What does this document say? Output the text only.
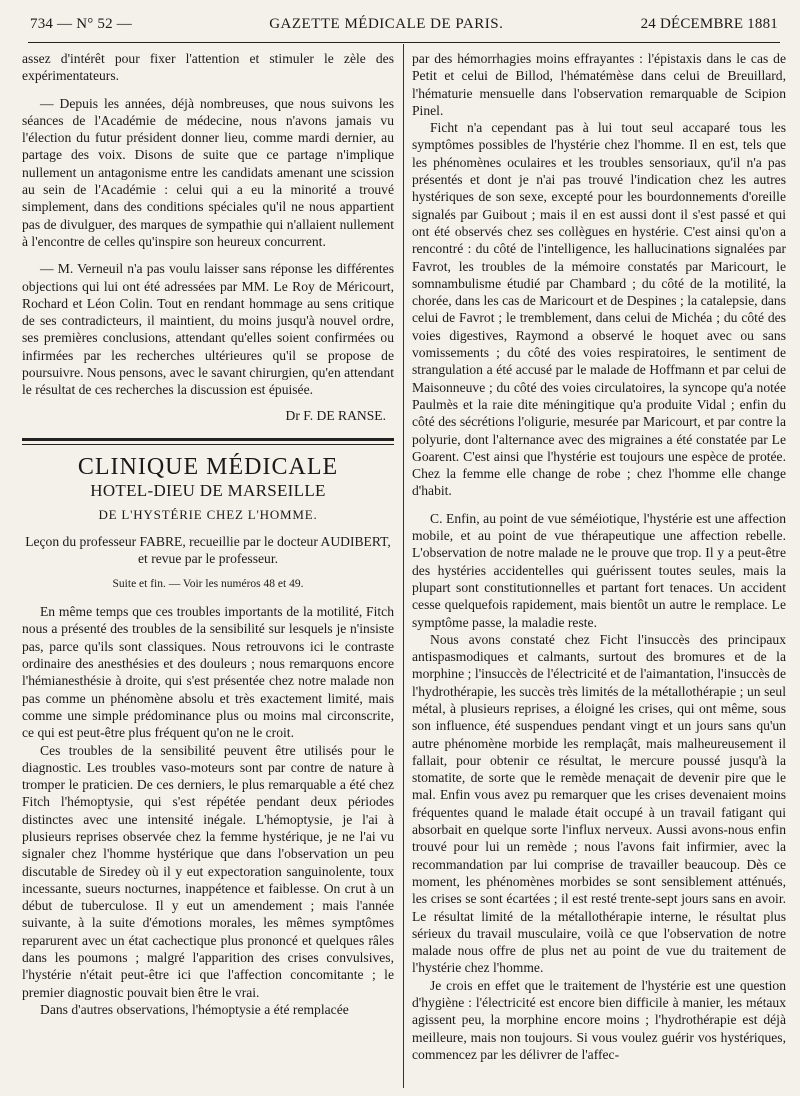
734 — N° 52 —	GAZETTE MÉDICALE DE PARIS.	24 DÉCEMBRE 1881

assez d'intérêt pour fixer l'attention et stimuler le zèle des expérimentateurs.

— Depuis les années, déjà nombreuses, que nous suivons les séances de l'Académie de médecine, nous n'avons jamais vu l'élection du futur président donner lieu, comme mardi dernier, au partage des voix. Disons de suite que ce partage n'implique nullement un antagonisme entre les candidats amenant une scission au sein de l'Académie : celui qui a eu la minorité a trouvé simplement, dans des conditions spéciales qu'il ne nous appartient pas de divulguer, des marques de sympathie qui n'allaient nullement à l'encontre de celles qu'inspire son heureux concurrent.

— M. Verneuil n'a pas voulu laisser sans réponse les différentes objections qui lui ont été adressées par MM. Le Roy de Méricourt, Rochard et Léon Colin. Tout en rendant hommage au sens critique de ses contradicteurs, il maintient, du moins jusqu'à nouvel ordre, ses premières conclusions, attendant qu'elles soient confirmées ou infirmées par les recherches ultérieures qu'il se propose de poursuivre. Nous pensons, avec le savant chirurgien, qu'en attendant le résultat de ces recherches la discussion est épuisée.

Dr F. DE RANSE.

CLINIQUE MÉDICALE
HOTEL-DIEU DE MARSEILLE
DE L'HYSTÉRIE CHEZ L'HOMME.
Leçon du professeur FABRE, recueillie par le docteur AUDIBERT, et revue par le professeur.
Suite et fin. — Voir les numéros 48 et 49.

En même temps que ces troubles importants de la motilité, Fitch nous a présenté des troubles de la sensibilité sur lesquels je n'insiste pas, parce qu'ils sont classiques. Nous retrouvons ici le contraste ordinaire des anesthésies et des douleurs ; nous remarquons encore l'hémianesthésie à droite, qui s'est présentée chez notre malade non pas comme un phénomène absolu et très exactement limité, mais comme une simple prédominance plus ou moins mal circonscrite, ce qui est peut-être plus fréquent qu'on ne le croit.

Ces troubles de la sensibilité peuvent être utilisés pour le diagnostic. Les troubles vaso-moteurs sont par contre de nature à tromper le praticien. De ces derniers, le plus remarquable a été chez Fitch l'hémoptysie, qui s'est répétée pendant deux périodes distinctes avec une intensité inégale. L'hémoptysie, je l'ai à plusieurs reprises observée chez la femme hystérique, je ne l'ai vu signaler chez l'homme hystérique que dans l'observation un peu discutable de Siredey où il y eut expectoration sanguinolente, toux incessante, sueurs nocturnes, inappétence et faiblesse. On crut à un début de tuberculose. Il y eut un amendement ; mais l'année suivante, à la suite d'émotions morales, les mêmes symptômes reparurent avec un état cachectique plus prononcé et quelques râles dans les poumons ; malgré l'apparition des crises convulsives, l'hystérie n'était peut-être ici que l'affection concomitante ; le premier diagnostic pouvait bien être le vrai.

Dans d'autres observations, l'hémoptysie a été remplacée

par des hémorrhagies moins effrayantes : l'épistaxis dans le cas de Petit et celui de Billod, l'hématémèse dans celui de Breuillard, l'hématurie mensuelle dans l'observation remarquable de Scipion Pinel.

Ficht n'a cependant pas à lui tout seul accaparé tous les symptômes possibles de l'hystérie chez l'homme. Il en est, tels que les phénomènes oculaires et les troubles sensoriaux, qu'il n'a pas présentés et dont je n'ai pas trouvé l'indication chez les autres hystériques de son sexe, excepté pour les bourdonnements d'oreille signalés par Guibout ; mais il en est aussi dont il s'est passé et qui ont été observés chez ses collègues en hystérie. C'est ainsi qu'on a rencontré : du côté de l'intelligence, les hallucinations signalées par Favrot, les troubles de la mémoire constatés par Maricourt, le somnambulisme étudié par Chambard ; du côté de la motilité, la chorée, dans les cas de Maricourt et de Despines ; la catalepsie, dans celui de Favrot ; le tremblement, dans celui de Michéa ; du côté des voies digestives, Raymond a observé le hoquet avec ou sans vomissements ; du côté des voies respiratoires, le sentiment de strangulation a été accusé par le malade de Hoffmann et par celui de Maisonneuve ; du côté des voies circulatoires, la syncope qu'a notée Paulmès et la raie dite méningitique qu'a produite Vidal ; enfin du côté des sécrétions l'oligurie, mesurée par Maricourt, et par contre la polyurie, dont l'alternance avec des migraines a été constatée par Le Goarent. C'est ainsi que l'hystérie est toujours une espèce de protée. Chez la femme elle change de robe ; chez l'homme elle change d'habit.

C. Enfin, au point de vue séméiotique, l'hystérie est une affection mobile, et au point de vue thérapeutique une affection rebelle. L'observation de notre malade ne le prouve que trop. Il y a peut-être des hystéries accidentelles qui guérissent toutes seules, mais la plupart sont constitutionnelles et partant fort tenaces. Un accident cesse quelquefois rapidement, mais bientôt un autre le remplace. Le symptôme passe, la maladie reste.

Nous avons constaté chez Ficht l'insuccès des principaux antispasmodiques et calmants, surtout des bromures et de la morphine ; l'insuccès de l'électricité et de l'aimantation, l'insuccès de l'hydrothérapie, les succès très limités de la métallothérapie ; un seul métal, à plusieurs reprises, a éloigné les crises, qui ont même, sous son influence, été suspendues pendant vingt et un jours sans qu'un autre phénomène morbide les remplaçât, mais malheureusement il fallait, pour obtenir ce résultat, le mercure poussé jusqu'à la stomatite, de sorte que le remède menaçait de devenir pire que le mal. Enfin vous avez pu remarquer que les crises devenaient moins fréquentes quand le malade était occupé à un travail fatigant qui absorbait en quelque sorte l'influx nerveux. Aussi avons-nous enfin trouvé pour lui un remède ; nous l'avons fait infirmier, avec la recommandation par lui comprise de travailler beaucoup. Dès ce moment, les phénomènes morbides se sont sensiblement atténués, les crises se sont écartées ; il est resté trente-sept jours sans en avoir. Le résultat limité de la métallothérapie interne, le résultat plus sérieux du travail musculaire, voilà ce que l'observation de notre malade nous offre de plus net au point de vue du traitement de l'hystérie chez l'homme.

Je crois en effet que le traitement de l'hystérie est une question d'hygiène : l'électricité est encore bien difficile à manier, les métaux agissent peu, la morphine encore moins ; l'hydrothérapie est déjà meilleure, mais non toujours. Si vous voulez guérir vos hystériques, commencez par les délivrer de l'affec-
